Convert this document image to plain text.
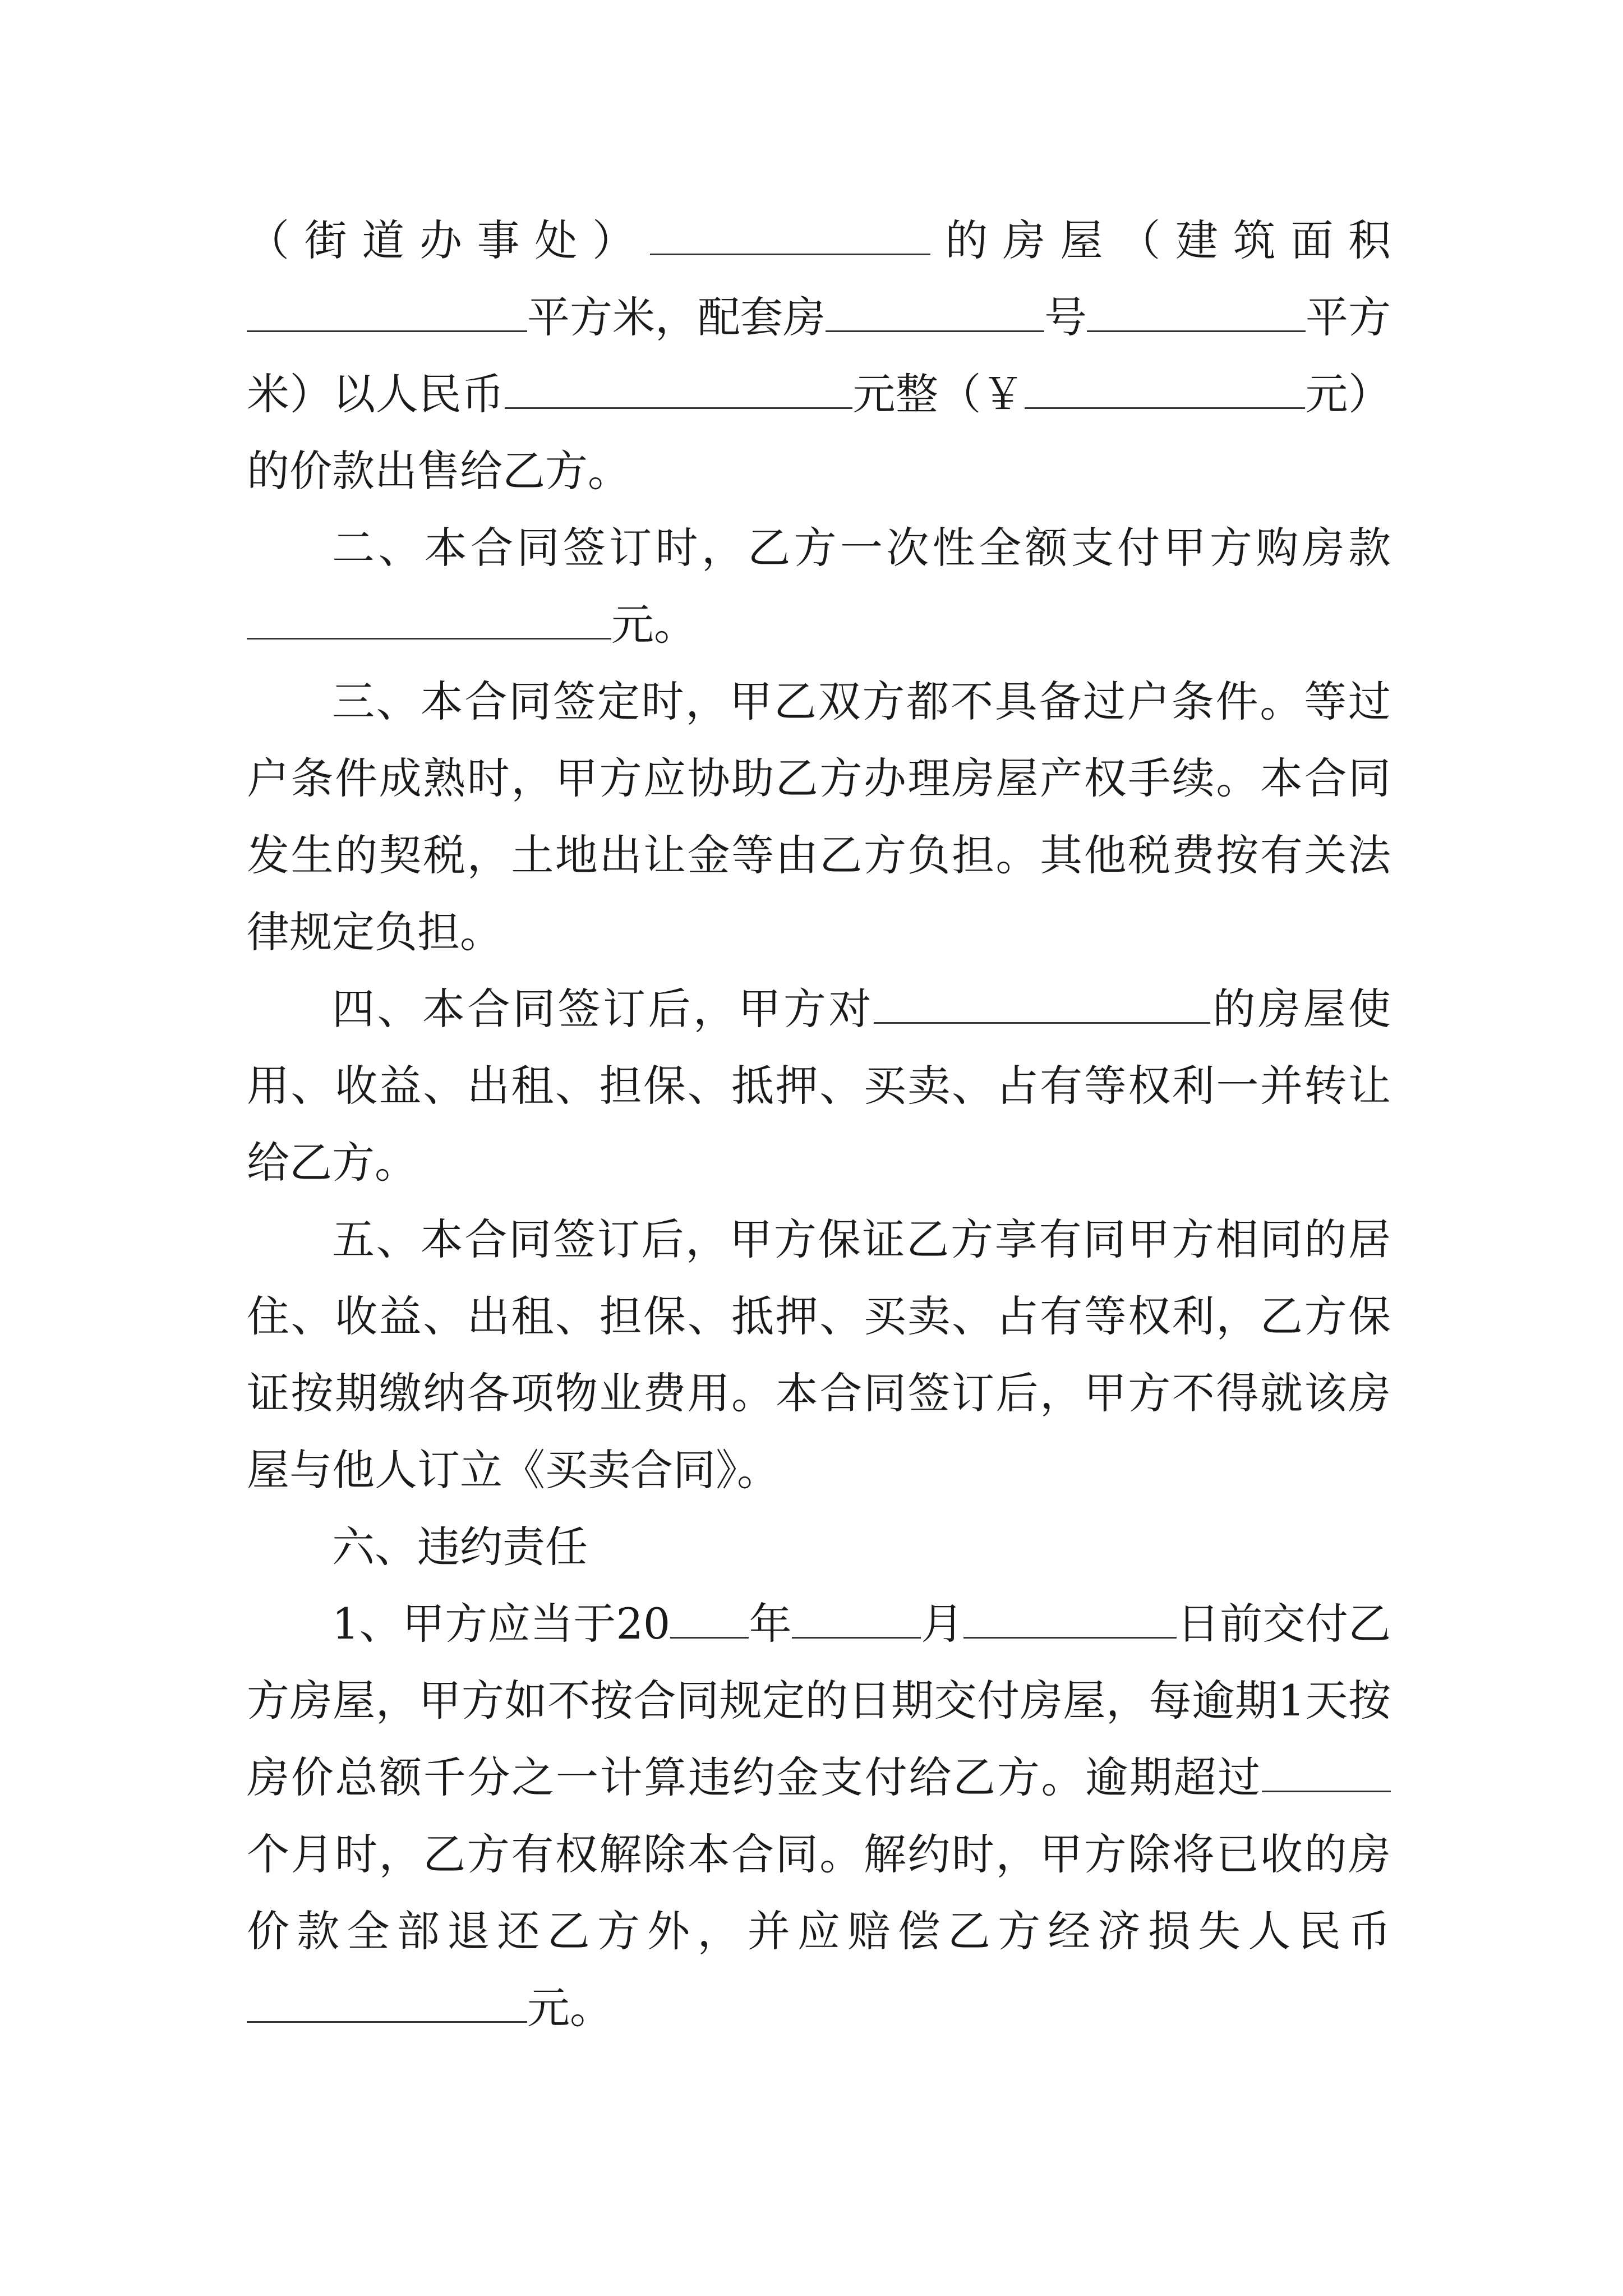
（街道办事处）	的房屋（建筑面积平方米，配套房	号	平方米）以人民币	元整（￥	元）的价款出售给乙方。

二、本合同签订时，乙方一次性全额支付甲方购房款元。

三、本合同签定时，甲乙双方都不具备过户条件。等过户条件成熟时，甲方应协助乙方办理房屋产权手续。本合同发生的契税，土地出让金等由乙方负担。其他税费按有关法律规定负担。

四、本合同签订后，甲方对	的房屋使用、收益、出租、担保、抵押、买卖、占有等权利一并转让给乙方。

五、本合同签订后，甲方保证乙方享有同甲方相同的居住、收益、出租、担保、抵押、买卖、占有等权利，乙方保证按期缴纳各项物业费用。本合同签订后，甲方不得就该房屋与他人订立《买卖合同》。

六、违约责任

1、甲方应当于20 年	月	日前交付乙方房屋，甲方如不按合同规定的日期交付房屋，每逾期1天按房价总额千分之一计算违约金支付给乙方。逾期超过个月时，乙方有权解除本合同。解约时，甲方除将已收的房价款全部退还乙方外，并应赔偿乙方经济损失人民币元。
